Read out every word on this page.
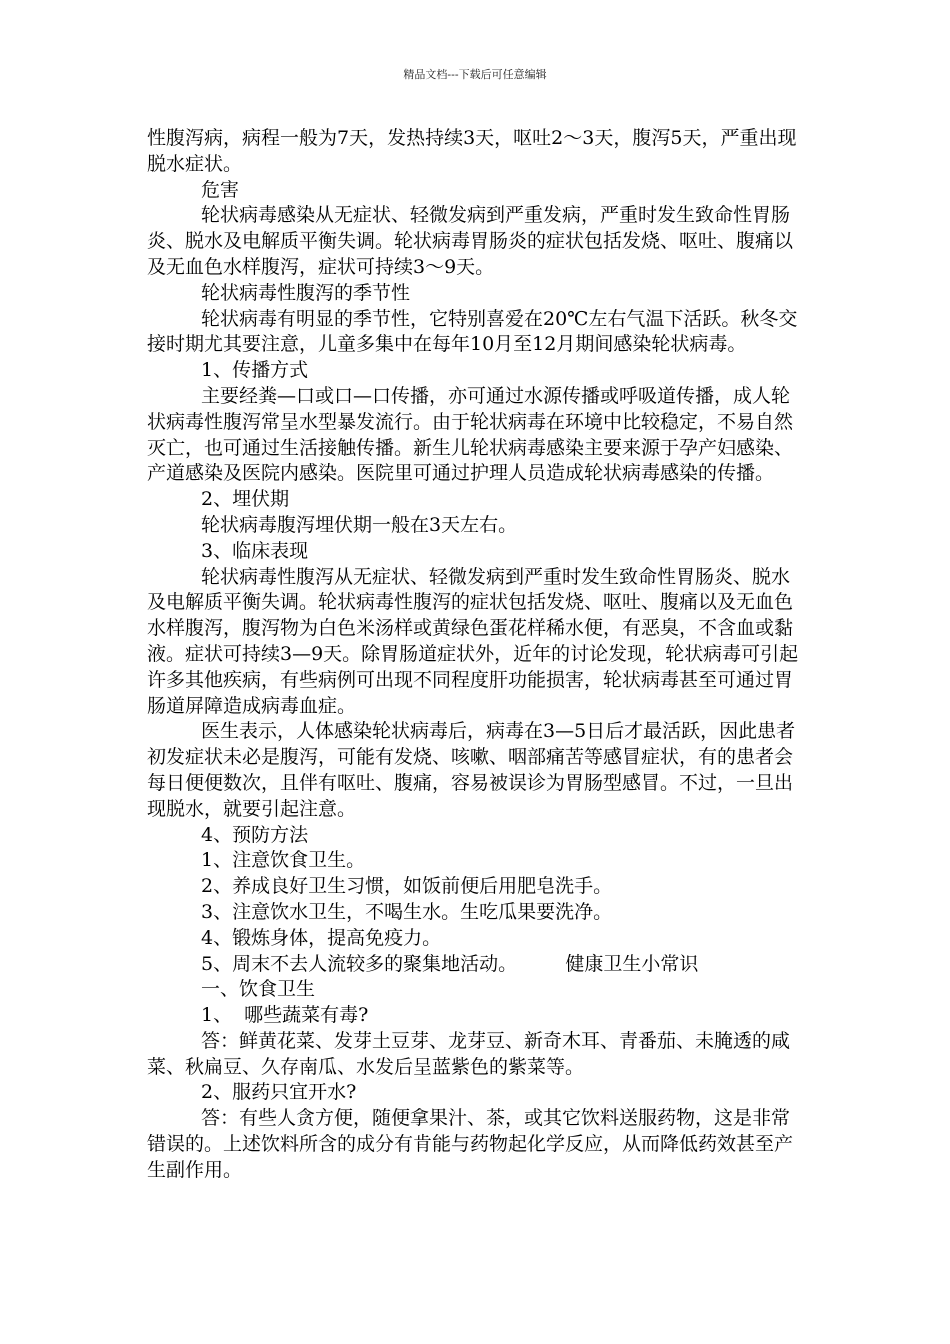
精品文档---下载后可任意编辑

性腹泻病，病程一般为7天，发热持续3天，呕吐2～3天，腹泻5天，严重出现脱水症状。

危害

轮状病毒感染从无症状、轻微发病到严重发病，严重时发生致命性胃肠炎、脱水及电解质平衡失调。轮状病毒胃肠炎的症状包括发烧、呕吐、腹痛以及无血色水样腹泻，症状可持续3～9天。

轮状病毒性腹泻的季节性

轮状病毒有明显的季节性，它特别喜爱在20℃左右气温下活跃。秋冬交接时期尤其要注意，儿童多集中在每年10月至12月期间感染轮状病毒。

1、传播方式

主要经粪—口或口—口传播，亦可通过水源传播或呼吸道传播，成人轮状病毒性腹泻常呈水型暴发流行。由于轮状病毒在环境中比较稳定，不易自然灭亡，也可通过生活接触传播。新生儿轮状病毒感染主要来源于孕产妇感染、产道感染及医院内感染。医院里可通过护理人员造成轮状病毒感染的传播。

2、埋伏期

轮状病毒腹泻埋伏期一般在3天左右。

3、临床表现

轮状病毒性腹泻从无症状、轻微发病到严重时发生致命性胃肠炎、脱水及电解质平衡失调。轮状病毒性腹泻的症状包括发烧、呕吐、腹痛以及无血色水样腹泻，腹泻物为白色米汤样或黄绿色蛋花样稀水便，有恶臭，不含血或黏液。症状可持续3—9天。除胃肠道症状外，近年的讨论发现，轮状病毒可引起许多其他疾病，有些病例可出现不同程度肝功能损害，轮状病毒甚至可通过胃肠道屏障造成病毒血症。

医生表示，人体感染轮状病毒后，病毒在3—5日后才最活跃，因此患者初发症状未必是腹泻，可能有发烧、咳嗽、咽部痛苦等感冒症状，有的患者会每日便便数次，且伴有呕吐、腹痛，容易被误诊为胃肠型感冒。不过，一旦出现脱水，就要引起注意。

4、预防方法

1、注意饮食卫生。

2、养成良好卫生习惯，如饭前便后用肥皂洗手。

3、注意饮水卫生，不喝生水。生吃瓜果要洗净。

4、锻炼身体，提高免疫力。

5、周末不去人流较多的聚集地活动。        健康卫生小常识

一、饮食卫生

1、  哪些蔬菜有毒?

答：鲜黄花菜、发芽土豆芽、龙芽豆、新奇木耳、青番茄、未腌透的咸菜、秋扁豆、久存南瓜、水发后呈蓝紫色的紫菜等。

2、服药只宜开水?

答：有些人贪方便，随便拿果汁、茶，或其它饮料送服药物，这是非常错误的。上述饮料所含的成分有肯能与药物起化学反应，从而降低药效甚至产生副作用。
